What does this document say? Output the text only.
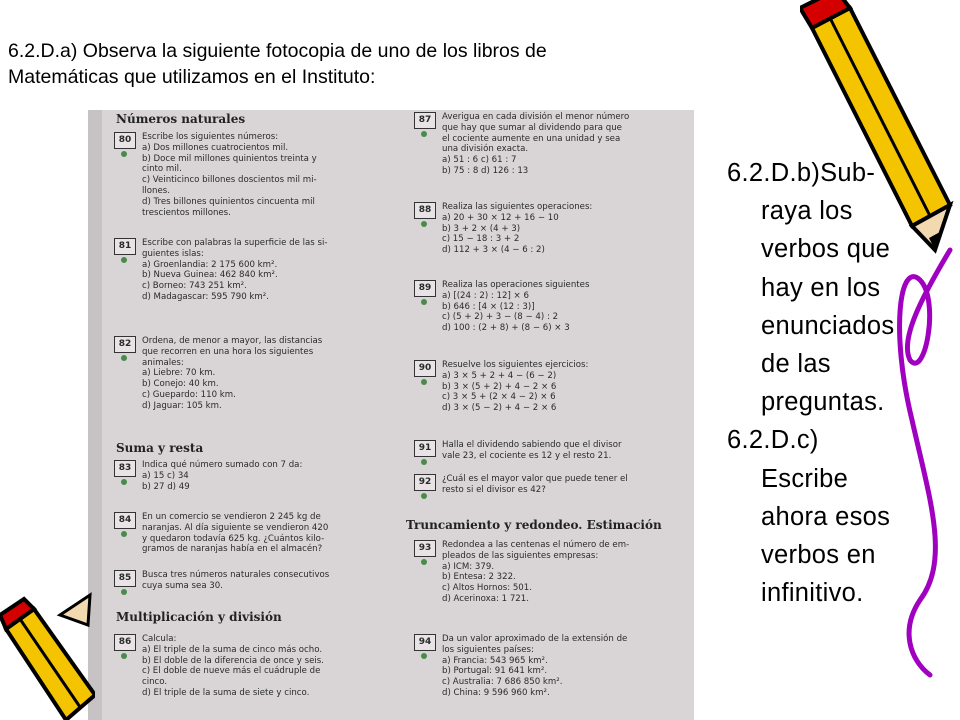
6.2.D.a) Observa la siguiente fotocopia de uno de los libros de
Matemáticas que utilizamos en el Instituto:
Números naturales
Suma y resta
Multiplicación y división
80	Escribe los siguientes números:
a) Dos millones cuatrocientos mil.
b) Doce mil millones quinientos treinta y
cinto mil.
c) Veinticinco billones doscientos mil mi-
llones.
d) Tres billones quinientos cincuenta mil
trescientos millones.
81	Escribe con palabras la superficie de las si-
guientes islas:
a) Groenlandia: 2 175 600 km².
b) Nueva Guinea: 462 840 km².
c) Borneo: 743 251 km².
d) Madagascar: 595 790 km².
82	Ordena, de menor a mayor, las distancias
que recorren en una hora los siguientes
animales:
a) Liebre: 70 km.
b) Conejo: 40 km.
c) Guepardo: 110 km.
d) Jaguar: 105 km.
83	Indica qué número sumado con 7 da:
a) 15 c) 34
b) 27 d) 49
84	En un comercio se vendieron 2 245 kg de
naranjas. Al día siguiente se vendieron 420
y quedaron todavía 625 kg. ¿Cuántos kilo-
gramos de naranjas había en el almacén?
85	Busca tres números naturales consecutivos
cuya suma sea 30.
86	Calcula:
a) El triple de la suma de cinco más ocho.
b) El doble de la diferencia de once y seis.
c) El doble de nueve más el cuádruple de
cinco.
d) El triple de la suma de siete y cinco.
Truncamiento y redondeo. Estimación
87	Averigua en cada división el menor número
que hay que sumar al dividendo para que
el cociente aumente en una unidad y sea
una división exacta.
a) 51 : 6 c) 61 : 7
b) 75 : 8 d) 126 : 13
88	Realiza las siguientes operaciones:
a) 20 + 30 × 12 + 16 − 10
b) 3 + 2 × (4 + 3)
c) 15 − 18 : 3 + 2
d) 112 + 3 × (4 − 6 : 2)
89	Realiza las operaciones siguientes
a) [(24 : 2) : 12] × 6
b) 646 : [4 × (12 : 3)]
c) (5 + 2) + 3 − (8 − 4) : 2
d) 100 : (2 + 8) + (8 − 6) × 3
90	Resuelve los siguientes ejercicios:
a) 3 × 5 + 2 + 4 − (6 − 2)
b) 3 × (5 + 2) + 4 − 2 × 6
c) 3 × 5 + (2 × 4 − 2) × 6
d) 3 × (5 − 2) + 4 − 2 × 6
91	Halla el dividendo sabiendo que el divisor
vale 23, el cociente es 12 y el resto 21.
92	¿Cuál es el mayor valor que puede tener el
resto si el divisor es 42?
93	Redondea a las centenas el número de em-
pleados de las siguientes empresas:
a) ICM: 379.
b) Entesa: 2 322.
c) Altos Hornos: 501.
d) Acerinoxa: 1 721.
94	Da un valor aproximado de la extensión de
los siguientes países:
a) Francia: 543 965 km².
b) Portugal: 91 641 km².
c) Australia: 7 686 850 km².
d) China: 9 596 960 km².

6.2.D.b)Sub-
raya los
verbos que
hay en los
enunciados
de las
preguntas.

6.2.D.c)
Escribe
ahora esos
verbos en
infinitivo.
